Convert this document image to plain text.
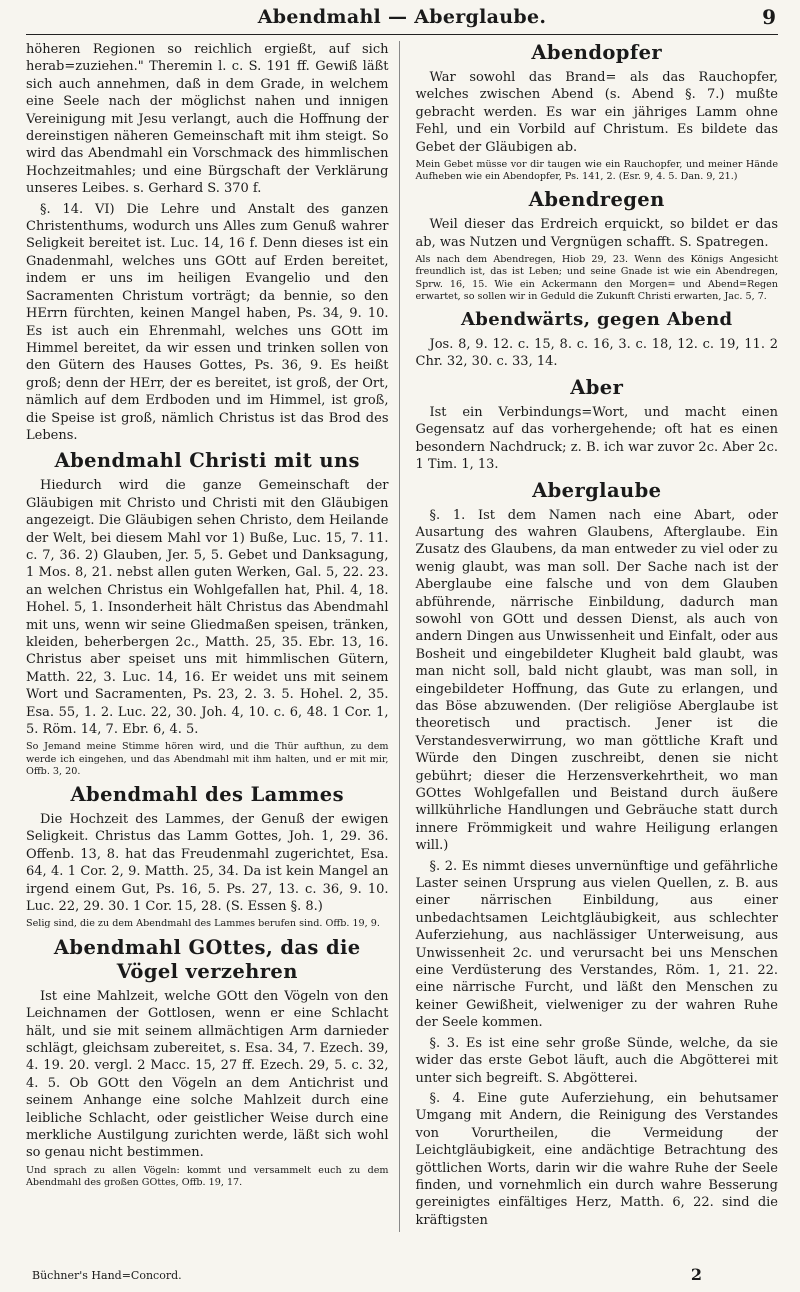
Abendmahl — Aberglaube.	9

höheren Regionen so reichlich ergießt, auf sich herab=zuziehen." Theremin l. c. S. 191 ff. Gewiß läßt sich auch annehmen, daß in dem Grade, in welchem eine Seele nach der möglichst nahen und innigen Vereinigung mit Jesu verlangt, auch die Hoffnung der dereinstigen näheren Gemeinschaft mit ihm steigt. So wird das Abendmahl ein Vorschmack des himmlischen Hochzeitmahles; und eine Bürgschaft der Verklärung unseres Leibes. s. Gerhard S. 370 f.

§. 14. VI) Die Lehre und Anstalt des ganzen Christenthums, wodurch uns Alles zum Genuß wahrer Seligkeit bereitet ist. Luc. 14, 16 f. Denn dieses ist ein Gnadenmahl, welches uns GOtt auf Erden bereitet, indem er uns im heiligen Evangelio und den Sacramenten Christum vorträgt; da bennie, so den HErrn fürchten, keinen Mangel haben, Ps. 34, 9. 10. Es ist auch ein Ehrenmahl, welches uns GOtt im Himmel bereitet, da wir essen und trinken sollen von den Gütern des Hauses Gottes, Ps. 36, 9. Es heißt groß; denn der HErr, der es bereitet, ist groß, der Ort, nämlich auf dem Erdboden und im Himmel, ist groß, die Speise ist groß, nämlich Christus ist das Brod des Lebens.

Abendmahl Christi mit uns

Hiedurch wird die ganze Gemeinschaft der Gläubigen mit Christo und Christi mit den Gläubigen angezeigt. Die Gläubigen sehen Christo, dem Heilande der Welt, bei diesem Mahl vor 1) Buße, Luc. 15, 7. 11. c. 7, 36. 2) Glauben, Jer. 5, 5. Gebet und Danksagung, 1 Mos. 8, 21. nebst allen guten Werken, Gal. 5, 22. 23. an welchen Christus ein Wohlgefallen hat, Phil. 4, 18. Hohel. 5, 1. Insonderheit hält Christus das Abendmahl mit uns, wenn wir seine Gliedmaßen speisen, tränken, kleiden, beherbergen 2c., Matth. 25, 35. Ebr. 13, 16. Christus aber speiset uns mit himmlischen Gütern, Matth. 22, 3. Luc. 14, 16. Er weidet uns mit seinem Wort und Sacramenten, Ps. 23, 2. 3. 5. Hohel. 2, 35. Esa. 55, 1. 2. Luc. 22, 30. Joh. 4, 10. c. 6, 48. 1 Cor. 1, 5. Röm. 14, 7. Ebr. 6, 4. 5.

So Jemand meine Stimme hören wird, und die Thür aufthun, zu dem werde ich eingehen, und das Abendmahl mit ihm halten, und er mit mir, Offb. 3, 20.

Abendmahl des Lammes

Die Hochzeit des Lammes, der Genuß der ewigen Seligkeit. Christus das Lamm Gottes, Joh. 1, 29. 36. Offenb. 13, 8. hat das Freudenmahl zugerichtet, Esa. 64, 4. 1 Cor. 2, 9. Matth. 25, 34. Da ist kein Mangel an irgend einem Gut, Ps. 16, 5. Ps. 27, 13. c. 36, 9. 10. Luc. 22, 29. 30. 1 Cor. 15, 28. (S. Essen §. 8.)

Selig sind, die zu dem Abendmahl des Lammes berufen sind. Offb. 19, 9.

Abendmahl GOttes, das die Vögel verzehren

Ist eine Mahlzeit, welche GOtt den Vögeln von den Leichnamen der Gottlosen, wenn er eine Schlacht hält, und sie mit seinem allmächtigen Arm darnieder schlägt, gleichsam zubereitet, s. Esa. 34, 7. Ezech. 39, 4. 19. 20. vergl. 2 Macc. 15, 27 ff. Ezech. 29, 5. c. 32, 4. 5. Ob GOtt den Vögeln an dem Antichrist und seinem Anhange eine solche Mahlzeit durch eine leibliche Schlacht, oder geistlicher Weise durch eine merkliche Austilgung zurichten werde, läßt sich wohl so genau nicht bestimmen.

Und sprach zu allen Vögeln: kommt und versammelt euch zu dem Abendmahl des großen GOttes, Offb. 19, 17.

Abendopfer

War sowohl das Brand= als das Rauchopfer, welches zwischen Abend (s. Abend §. 7.) mußte gebracht werden. Es war ein jähriges Lamm ohne Fehl, und ein Vorbild auf Christum. Es bildete das Gebet der Gläubigen ab.

Mein Gebet müsse vor dir taugen wie ein Rauchopfer, und meiner Hände Aufheben wie ein Abendopfer, Ps. 141, 2. (Esr. 9, 4. 5. Dan. 9, 21.)

Abendregen

Weil dieser das Erdreich erquickt, so bildet er das ab, was Nutzen und Vergnügen schafft. S. Spatregen.

Als nach dem Abendregen, Hiob 29, 23. Wenn des Königs Angesicht freundlich ist, das ist Leben; und seine Gnade ist wie ein Abendregen, Sprw. 16, 15. Wie ein Ackermann den Morgen= und Abend=Regen erwartet, so sollen wir in Geduld die Zukunft Christi erwarten, Jac. 5, 7.

Abendwärts, gegen Abend

Jos. 8, 9. 12. c. 15, 8. c. 16, 3. c. 18, 12. c. 19, 11. 2 Chr. 32, 30. c. 33, 14.

Aber

Ist ein Verbindungs=Wort, und macht einen Gegensatz auf das vorhergehende; oft hat es einen besondern Nachdruck; z. B. ich war zuvor 2c. Aber 2c. 1 Tim. 1, 13.

Aberglaube

§. 1. Ist dem Namen nach eine Abart, oder Ausartung des wahren Glaubens, Afterglaube. Ein Zusatz des Glaubens, da man entweder zu viel oder zu wenig glaubt, was man soll. Der Sache nach ist der Aberglaube eine falsche und von dem Glauben abführende, närrische Einbildung, dadurch man sowohl von GOtt und dessen Dienst, als auch von andern Dingen aus Unwissenheit und Einfalt, oder aus Bosheit und eingebildeter Klugheit bald glaubt, was man nicht soll, bald nicht glaubt, was man soll, in eingebildeter Hoffnung, das Gute zu erlangen, und das Böse abzuwenden. (Der religiöse Aberglaube ist theoretisch und practisch. Jener ist die Verstandesverwirrung, wo man göttliche Kraft und Würde den Dingen zuschreibt, denen sie nicht gebührt; dieser die Herzensverkehrtheit, wo man GOttes Wohlgefallen und Beistand durch äußere willkührliche Handlungen und Gebräuche statt durch innere Frömmigkeit und wahre Heiligung erlangen will.)

§. 2. Es nimmt dieses unvernünftige und gefährliche Laster seinen Ursprung aus vielen Quellen, z. B. aus einer närrischen Einbildung, aus einer unbedachtsamen Leichtgläubigkeit, aus schlechter Auferziehung, aus nachlässiger Unterweisung, aus Unwissenheit 2c. und verursacht bei uns Menschen eine Verdüsterung des Verstandes, Röm. 1, 21. 22. eine närrische Furcht, und läßt den Menschen zu keiner Gewißheit, vielweniger zu der wahren Ruhe der Seele kommen.

§. 3. Es ist eine sehr große Sünde, welche, da sie wider das erste Gebot läuft, auch die Abgötterei mit unter sich begreift. S. Abgötterei.

§. 4. Eine gute Auferziehung, ein behutsamer Umgang mit Andern, die Reinigung des Verstandes von Vorurtheilen, die Vermeidung der Leichtgläubigkeit, eine andächtige Betrachtung des göttlichen Worts, darin wir die wahre Ruhe der Seele finden, und vornehmlich ein durch wahre Besserung gereinigtes einfältiges Herz, Matth. 6, 22. sind die kräftigsten

Büchner's Hand=Concord.	2
